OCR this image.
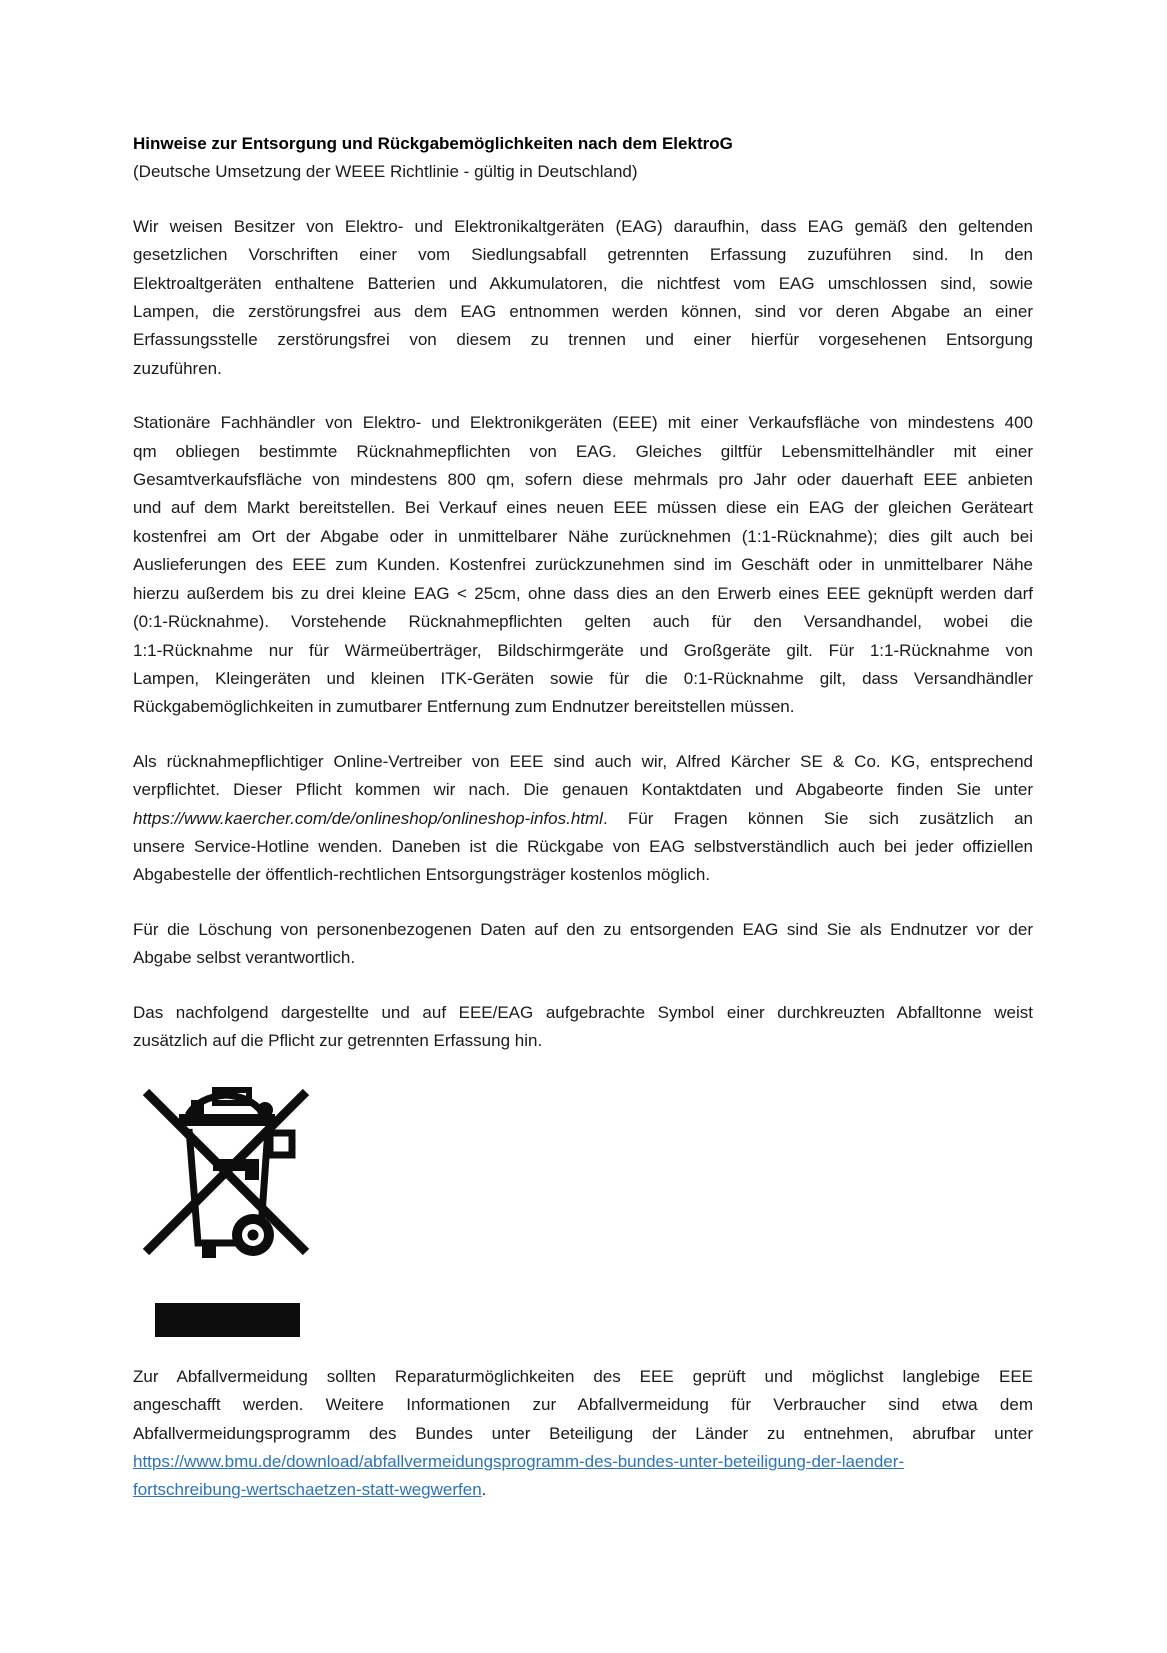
Hinweise zur Entsorgung und Rückgabemöglichkeiten nach dem ElektroG
(Deutsche Umsetzung der WEEE Richtlinie - gültig in Deutschland)
Wir weisen Besitzer von Elektro- und Elektronikaltgeräten (EAG) daraufhin, dass EAG gemäß den geltenden
gesetzlichen Vorschriften einer vom Siedlungsabfall getrennten Erfassung zuzuführen sind. In den
Elektroaltgeräten enthaltene Batterien und Akkumulatoren, die nichtfest vom EAG umschlossen sind, sowie
Lampen, die zerstörungsfrei aus dem EAG entnommen werden können, sind vor deren Abgabe an einer
Erfassungsstelle zerstörungsfrei von diesem zu trennen und einer hierfür vorgesehenen Entsorgung
zuzuführen.
Stationäre Fachhändler von Elektro- und Elektronikgeräten (EEE) mit einer Verkaufsfläche von mindestens 400
qm obliegen bestimmte Rücknahmepflichten von EAG. Gleiches giltfür Lebensmittelhändler mit einer
Gesamtverkaufsfläche von mindestens 800 qm, sofern diese mehrmals pro Jahr oder dauerhaft EEE anbieten
und auf dem Markt bereitstellen. Bei Verkauf eines neuen EEE müssen diese ein EAG der gleichen Geräteart
kostenfrei am Ort der Abgabe oder in unmittelbarer Nähe zurücknehmen (1:1-Rücknahme); dies gilt auch bei
Auslieferungen des EEE zum Kunden. Kostenfrei zurückzunehmen sind im Geschäft oder in unmittelbarer Nähe
hierzu außerdem bis zu drei kleine EAG < 25cm, ohne dass dies an den Erwerb eines EEE geknüpft werden darf
(0:1-Rücknahme). Vorstehende Rücknahmepflichten gelten auch für den Versandhandel, wobei die
1:1-Rücknahme nur für Wärmeüberträger, Bildschirmgeräte und Großgeräte gilt. Für 1:1-Rücknahme von
Lampen, Kleingeräten und kleinen ITK-Geräten sowie für die 0:1-Rücknahme gilt, dass Versandhändler
Rückgabemöglichkeiten in zumutbarer Entfernung zum Endnutzer bereitstellen müssen.
Als rücknahmepflichtiger Online-Vertreiber von EEE sind auch wir, Alfred Kärcher SE & Co. KG, entsprechend
verpflichtet. Dieser Pflicht kommen wir nach. Die genauen Kontaktdaten und Abgabeorte finden Sie unter
https://www.kaercher.com/de/onlineshop/onlineshop-infos.html. Für Fragen können Sie sich zusätzlich an
unsere Service-Hotline wenden. Daneben ist die Rückgabe von EAG selbstverständlich auch bei jeder offiziellen
Abgabestelle der öffentlich-rechtlichen Entsorgungsträger kostenlos möglich.
Für die Löschung von personenbezogenen Daten auf den zu entsorgenden EAG sind Sie als Endnutzer vor der
Abgabe selbst verantwortlich.
Das nachfolgend dargestellte und auf EEE/EAG aufgebrachte Symbol einer durchkreuzten Abfalltonne weist
zusätzlich auf die Pflicht zur getrennten Erfassung hin.
Zur Abfallvermeidung sollten Reparaturmöglichkeiten des EEE geprüft und möglichst langlebige EEE
angeschafft werden. Weitere Informationen zur Abfallvermeidung für Verbraucher sind etwa dem
Abfallvermeidungsprogramm des Bundes unter Beteiligung der Länder zu entnehmen, abrufbar unter
https://www.bmu.de/download/abfallvermeidungsprogramm-des-bundes-unter-beteiligung-der-laender-
fortschreibung-wertschaetzen-statt-wegwerfen.
